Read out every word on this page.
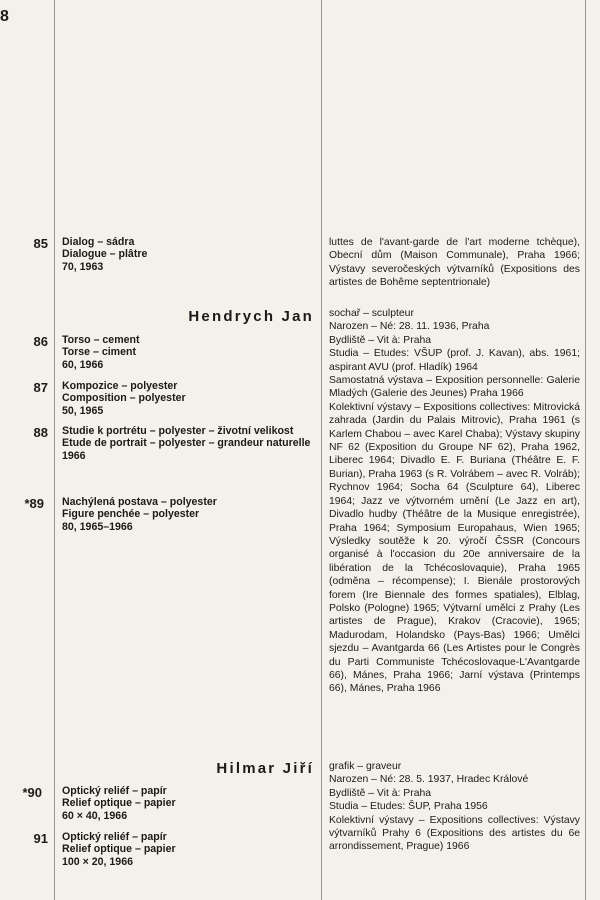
8
85 Dialog – sádra
Dialogue – plâtre
70, 1963
Hendrych Jan
86 Torso – cement
Torse – ciment
60, 1966
87 Kompozice – polyester
Composition – polyester
50, 1965
88 Studie k portrétu – polyester – životní velikost
Etude de portrait – polyester – grandeur naturelle
1966
*89 Nachýlená postava – polyester
Figure penchée – polyester
80, 1965–1966
Hilmar Jiří
*90 Optický reliéf – papír
Relief optique – papier
60 × 40, 1966
91 Optický reliéf – papír
Relief optique – papier
100 × 20, 1966
luttes de l'avant-garde de l'art moderne tchèque), Obecní dům (Maison Communale), Praha 1966; Výstavy severočeských výtvarníků (Expositions des artistes de Bohême septentrionale)
sochař – sculpteur
Narozen – Né: 28. 11. 1936, Praha
Bydliště – Vit à: Praha
Studia – Etudes: VŠUP (prof. J. Kavan), abs. 1961; aspirant AVU (prof. Hladík) 1964
Samostatná výstava – Exposition personnelle: Galerie Mladých (Galerie des Jeunes) Praha 1966
Kolektivní výstavy – Expositions collectives: Mitrovická zahrada (Jardin du Palais Mitrovic), Praha 1961 (s Karlem Chabou – avec Karel Chaba); Výstavy skupiny NF 62 (Exposition du Groupe NF 62), Praha 1962, Liberec 1964; Divadlo E. F. Buriana (Théâtre E. F. Burian), Praha 1963 (s R. Volrábem – avec R. Volráb); Rychnov 1964; Socha 64 (Sculpture 64), Liberec 1964; Jazz ve výtvorném umění (Le Jazz en art), Divadlo hudby (Théâtre de la Musique enregistrée), Praha 1964; Symposium Europahaus, Wien 1965; Výsledky soutěže k 20. výročí ČSSR (Concours organisé à l'occasion du 20e anniversaire de la libération de la Tchécoslovaquie), Praha 1965 (odměna – récompense); I. Bienále prostorových forem (Ire Biennale des formes spatiales), Elblag, Polsko (Pologne) 1965; Výtvarní umělci z Prahy (Les artistes de Prague), Krakov (Cracovie), 1965; Madurodam, Holandsko (Pays-Bas) 1966; Umělci sjezdu – Avantgarda 66 (Les Artistes pour le Congrès du Parti Communiste Tchécoslovaque-L'Avantgarde 66), Mánes, Praha 1966; Jarní výstava (Printemps 66), Mánes, Praha 1966
grafik – graveur
Narozen – Né: 28. 5. 1937, Hradec Králové
Bydliště – Vit à: Praha
Studia – Etudes: ŠUP, Praha 1956
Kolektivní výstavy – Expositions collectives: Výstavy výtvarníků Prahy 6 (Expositions des artistes du 6e arrondissement, Prague) 1966
